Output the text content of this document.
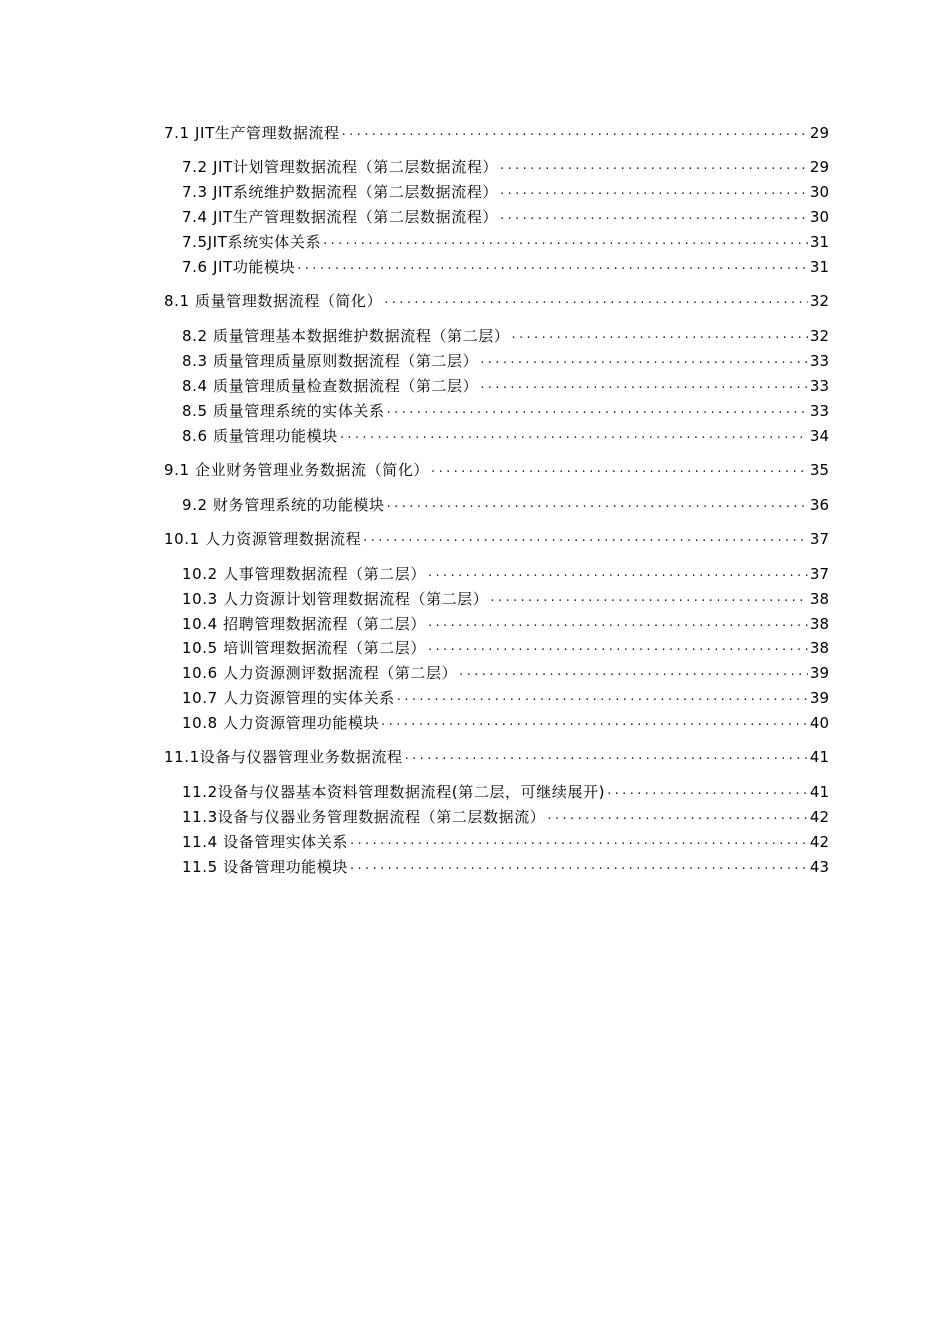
7.1 JIT生产管理数据流程 .....	29
7.2 JIT计划管理数据流程（第二层数据流程） .....	29
7.3 JIT系统维护数据流程（第二层数据流程） .....	30
7.4 JIT生产管理数据流程（第二层数据流程） .....	30
7.5JIT系统实体关系 .....	31
7.6 JIT功能模块 .....	31
8.1 质量管理数据流程（简化） .....	32
8.2 质量管理基本数据维护数据流程（第二层） .....	32
8.3 质量管理质量原则数据流程（第二层） .....	33
8.4 质量管理质量检查数据流程（第二层） .....	33
8.5 质量管理系统的实体关系 .....	33
8.6 质量管理功能模块 .....	34
9.1 企业财务管理业务数据流（简化） .....	35
9.2 财务管理系统的功能模块 .....	36
10.1 人力资源管理数据流程 .....	37
10.2 人事管理数据流程（第二层） .....	37
10.3 人力资源计划管理数据流程（第二层） .....	38
10.4 招聘管理数据流程（第二层） .....	38
10.5 培训管理数据流程（第二层） .....	38
10.6 人力资源测评数据流程（第二层） .....	39
10.7 人力资源管理的实体关系 .....	39
10.8 人力资源管理功能模块 .....	40
11.1设备与仪器管理业务数据流程 .....	41
11.2设备与仪器基本资料管理数据流程(第二层，可继续展开) .....	41
11.3设备与仪器业务管理数据流程（第二层数据流） .....	42
11.4 设备管理实体关系 .....	42
11.5 设备管理功能模块 .....	43
